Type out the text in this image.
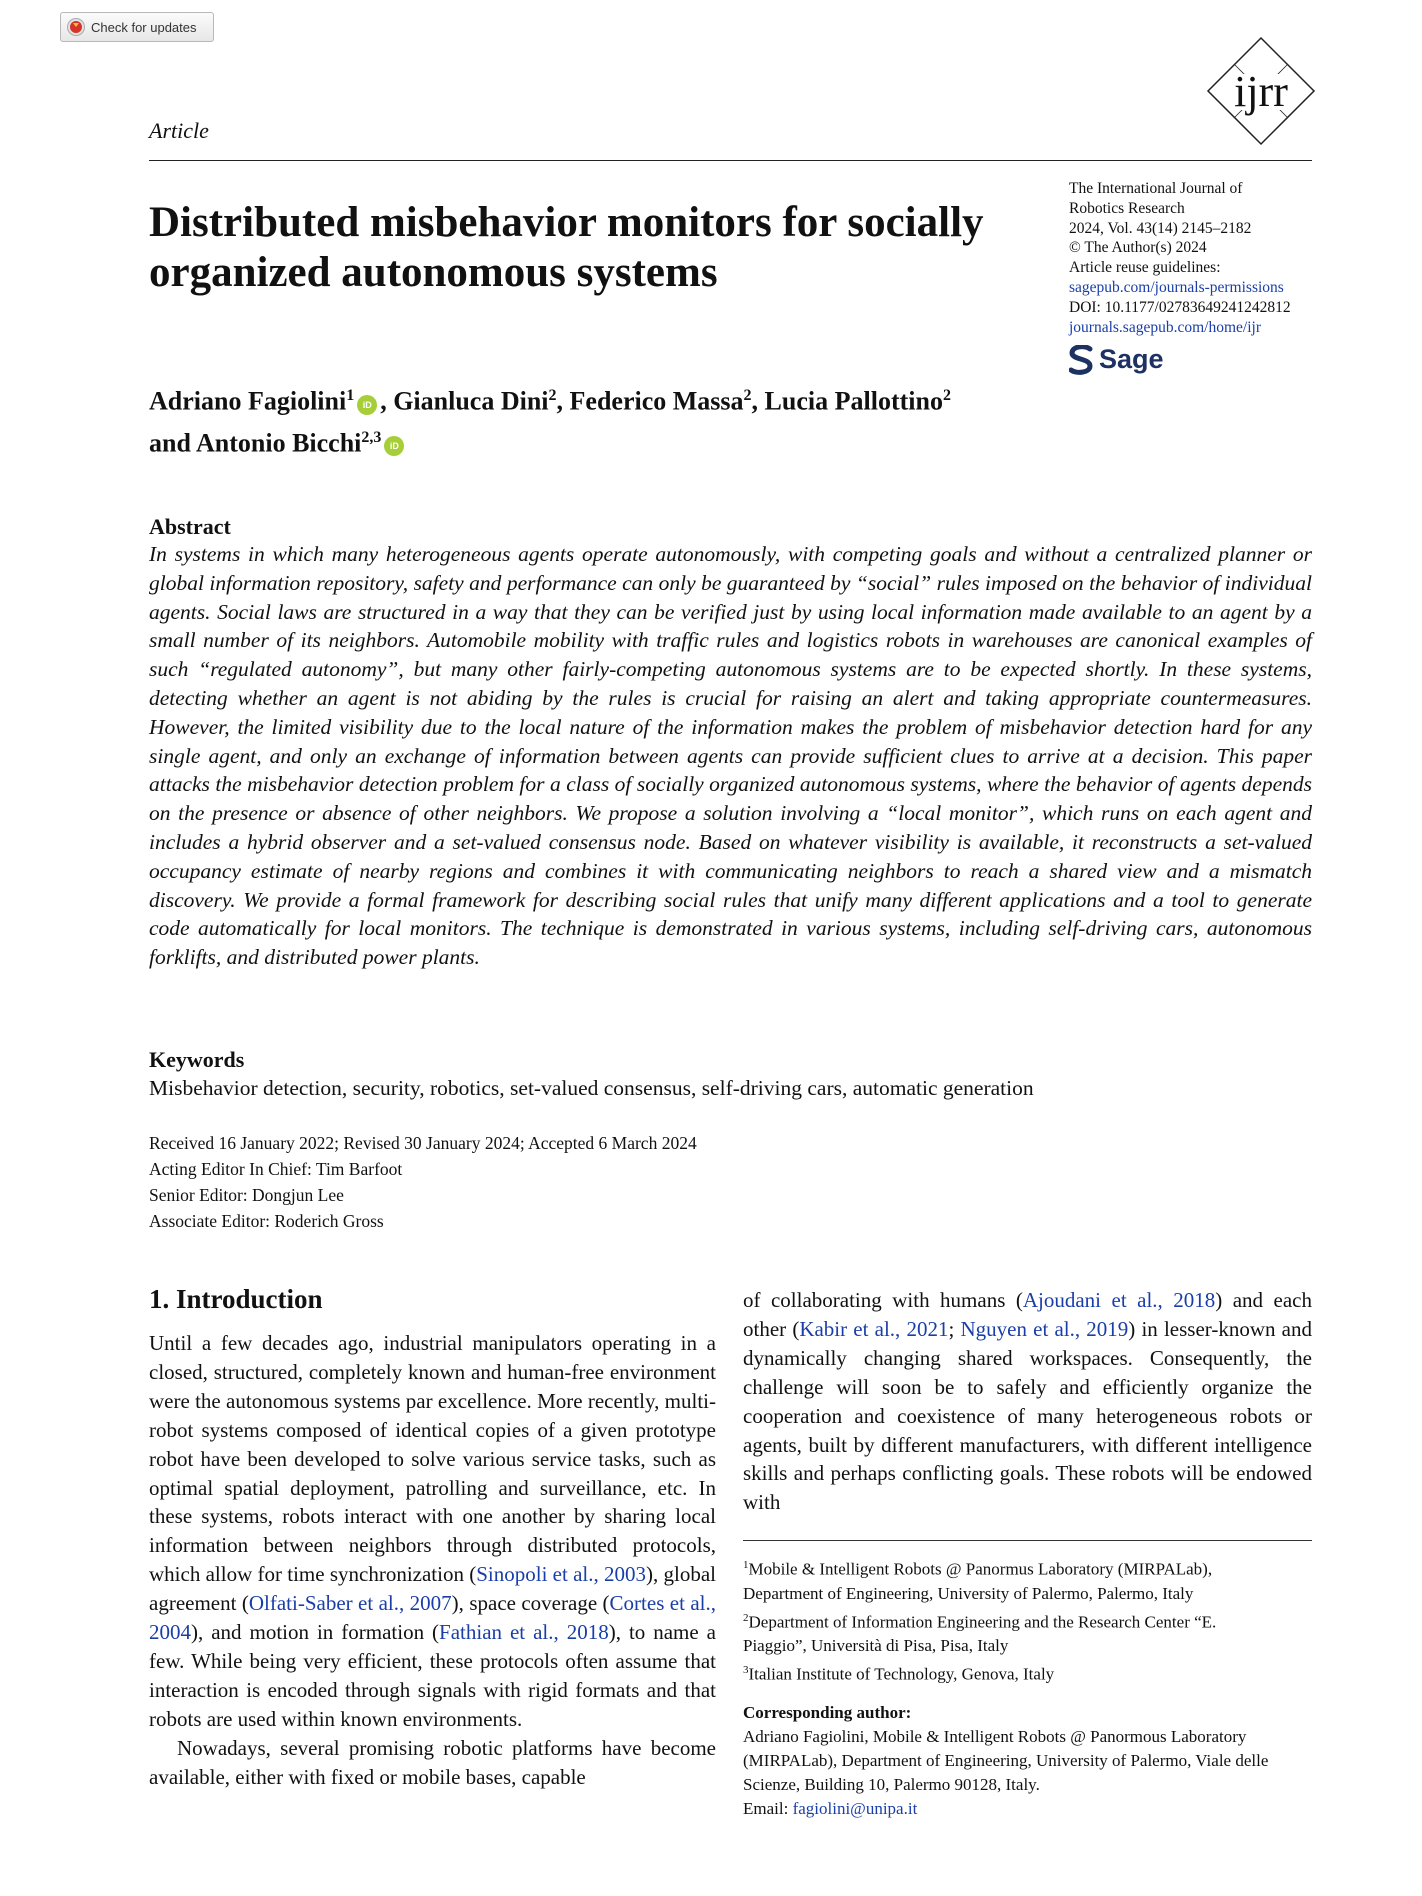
Check for updates
ijrr
Article
Distributed misbehavior monitors for socially organized autonomous systems
The International Journal of
Robotics Research
2024, Vol. 43(14) 2145–2182
© The Author(s) 2024
Article reuse guidelines:
sagepub.com/journals-permissions
DOI: 10.1177/02783649241242812
journals.sagepub.com/home/ijr
Sage
Adriano Fagiolini$^1$iD , Gianluca Dini$^2$, Federico Massa$^2$, Lucia Pallottino$^2$
and Antonio Bicchi$^{2,3}$iD
Abstract

In systems in which many heterogeneous agents operate autonomously, with competing goals and without a centralized planner or global information repository, safety and performance can only be guaranteed by “social” rules imposed on the behavior of individual agents. Social laws are structured in a way that they can be verified just by using local information made available to an agent by a small number of its neighbors. Automobile mobility with traffic rules and logistics robots in warehouses are canonical examples of such “regulated autonomy”, but many other fairly-competing autonomous systems are to be expected shortly. In these systems, detecting whether an agent is not abiding by the rules is crucial for raising an alert and taking appropriate countermeasures. However, the limited visibility due to the local nature of the information makes the problem of misbehavior detection hard for any single agent, and only an exchange of information between agents can provide sufficient clues to arrive at a decision. This paper attacks the misbehavior detection problem for a class of socially organized autonomous systems, where the behavior of agents depends on the presence or absence of other neighbors. We propose a solution involving a “local monitor”, which runs on each agent and includes a hybrid observer and a set-valued consensus node. Based on whatever visibility is available, it reconstructs a set-valued occupancy estimate of nearby regions and combines it with communicating neighbors to reach a shared view and a mismatch discovery. We provide a formal framework for describing social rules that unify many different applications and a tool to generate code automatically for local monitors. The technique is demonstrated in various systems, including self-driving cars, autonomous forklifts, and distributed power plants.

Keywords
Misbehavior detection, security, robotics, set-valued consensus, self-driving cars, automatic generation
Received 16 January 2022; Revised 30 January 2024; Accepted 6 March 2024
Acting Editor In Chief: Tim Barfoot
Senior Editor: Dongjun Lee
Associate Editor: Roderich Gross
1. Introduction

Until a few decades ago, industrial manipulators operating in a closed, structured, completely known and human-free environment were the autonomous systems par excellence. More recently, multi-robot systems composed of identical copies of a given prototype robot have been developed to solve various service tasks, such as optimal spatial deployment, patrolling and surveillance, etc. In these systems, robots interact with one another by sharing local information between neighbors through distributed protocols, which allow for time synchronization (Sinopoli et al., 2003), global agreement (Olfati-Saber et al., 2007), space coverage (Cortes et al., 2004), and motion in formation (Fathian et al., 2018), to name a few. While being very efficient, these protocols often assume that interaction is encoded through signals with rigid formats and that robots are used within known environments.

Nowadays, several promising robotic platforms have become available, either with fixed or mobile bases, capable

of collaborating with humans (Ajoudani et al., 2018) and each other (Kabir et al., 2021; Nguyen et al., 2019) in lesser-known and dynamically changing shared workspaces. Consequently, the challenge will soon be to safely and efficiently organize the cooperation and coexistence of many heterogeneous robots or agents, built by different manufacturers, with different intelligence skills and perhaps conflicting goals. These robots will be endowed with

$^1$Mobile & Intelligent Robots @ Panormus Laboratory (MIRPALab),
Department of Engineering, University of Palermo, Palermo, Italy
$^2$Department of Information Engineering and the Research Center “E.
Piaggio”, Università di Pisa, Pisa, Italy
$^3$Italian Institute of Technology, Genova, Italy
Corresponding author:
Adriano Fagiolini, Mobile & Intelligent Robots @ Panormous Laboratory (MIRPALab), Department of Engineering, University of Palermo, Viale delle Scienze, Building 10, Palermo 90128, Italy.
Email: fagiolini@unipa.it
